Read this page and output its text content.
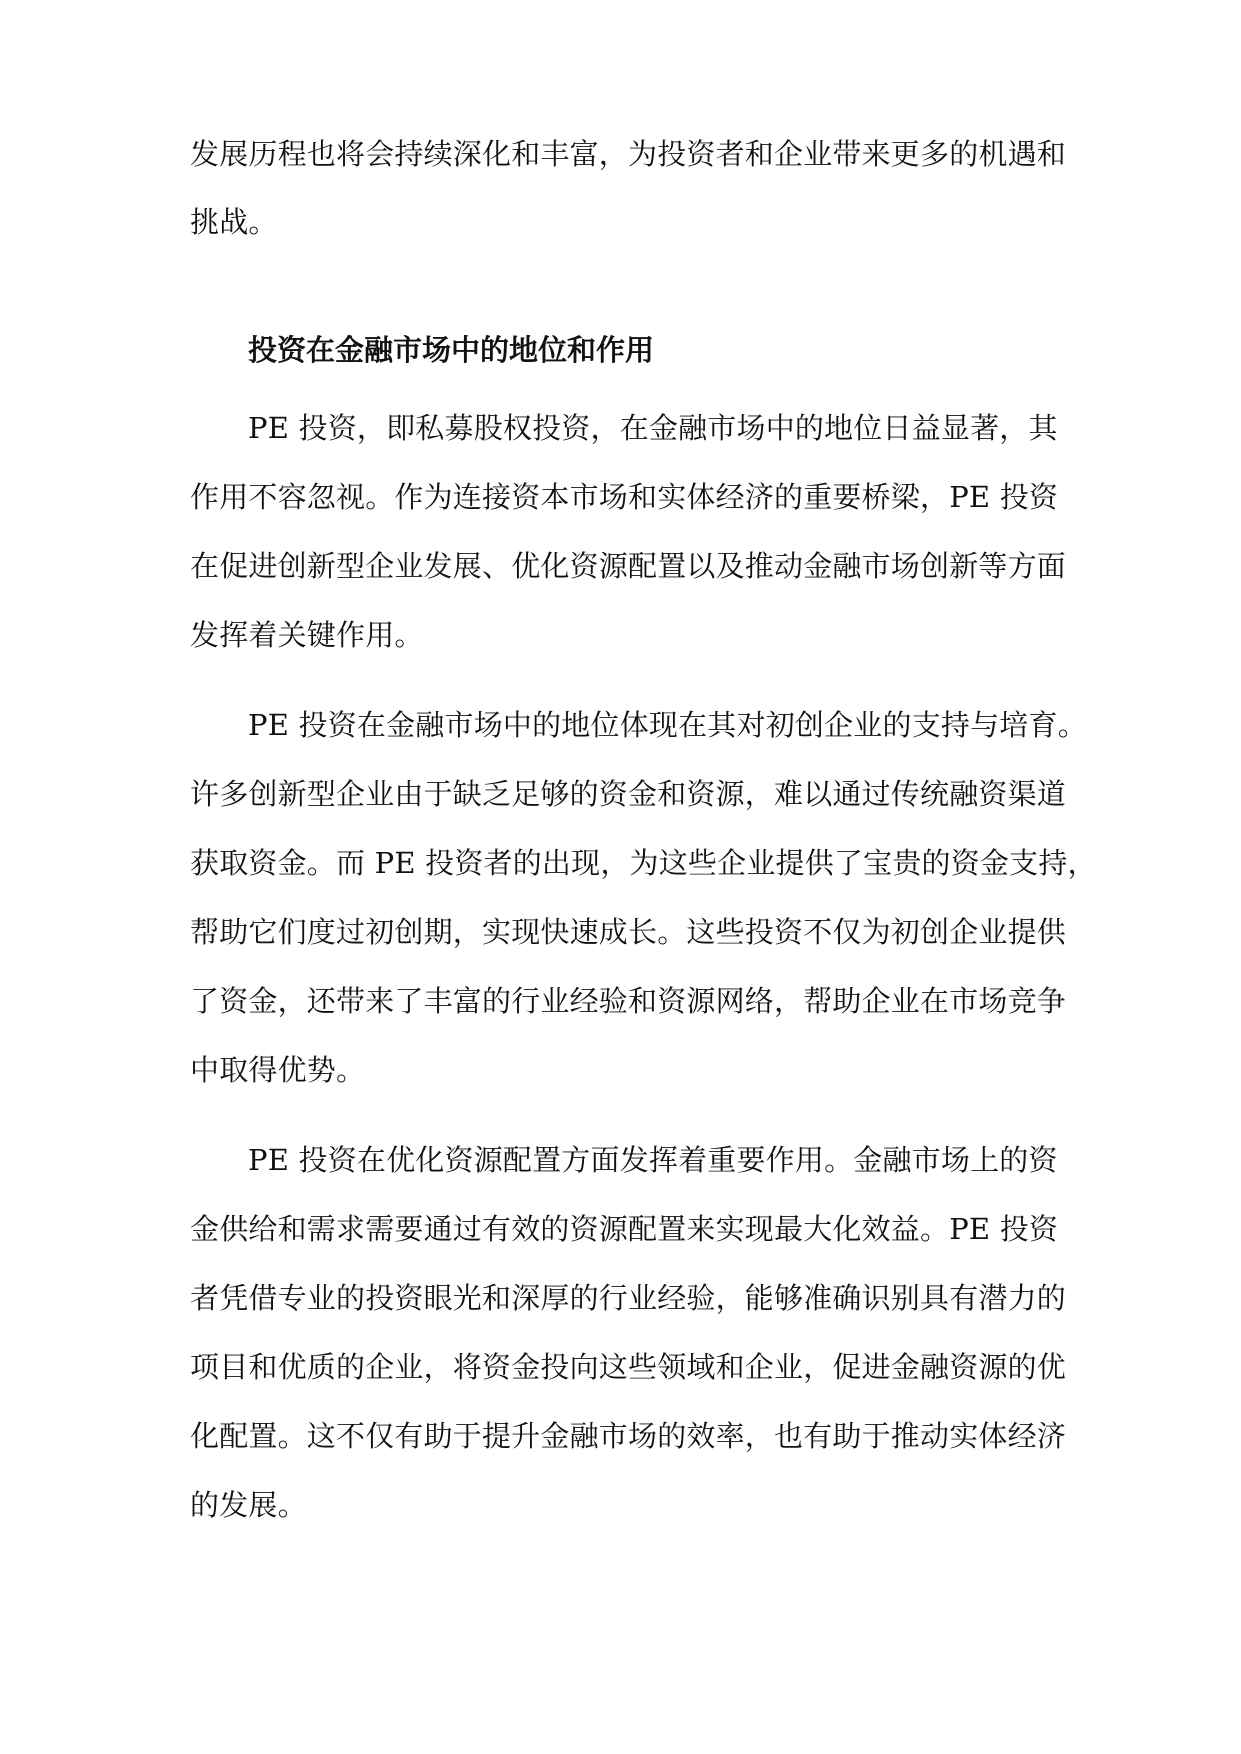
发展历程也将会持续深化和丰富，为投资者和企业带来更多的机遇和
挑战。
投资在金融市场中的地位和作用
PE 投资，即私募股权投资，在金融市场中的地位日益显著，其
作用不容忽视。作为连接资本市场和实体经济的重要桥梁，PE 投资
在促进创新型企业发展、优化资源配置以及推动金融市场创新等方面
发挥着关键作用。
PE 投资在金融市场中的地位体现在其对初创企业的支持与培育。
许多创新型企业由于缺乏足够的资金和资源，难以通过传统融资渠道
获取资金。而 PE 投资者的出现，为这些企业提供了宝贵的资金支持，
帮助它们度过初创期，实现快速成长。这些投资不仅为初创企业提供
了资金，还带来了丰富的行业经验和资源网络，帮助企业在市场竞争
中取得优势。
PE 投资在优化资源配置方面发挥着重要作用。金融市场上的资
金供给和需求需要通过有效的资源配置来实现最大化效益。PE 投资
者凭借专业的投资眼光和深厚的行业经验，能够准确识别具有潜力的
项目和优质的企业，将资金投向这些领域和企业，促进金融资源的优
化配置。这不仅有助于提升金融市场的效率，也有助于推动实体经济
的发展。
